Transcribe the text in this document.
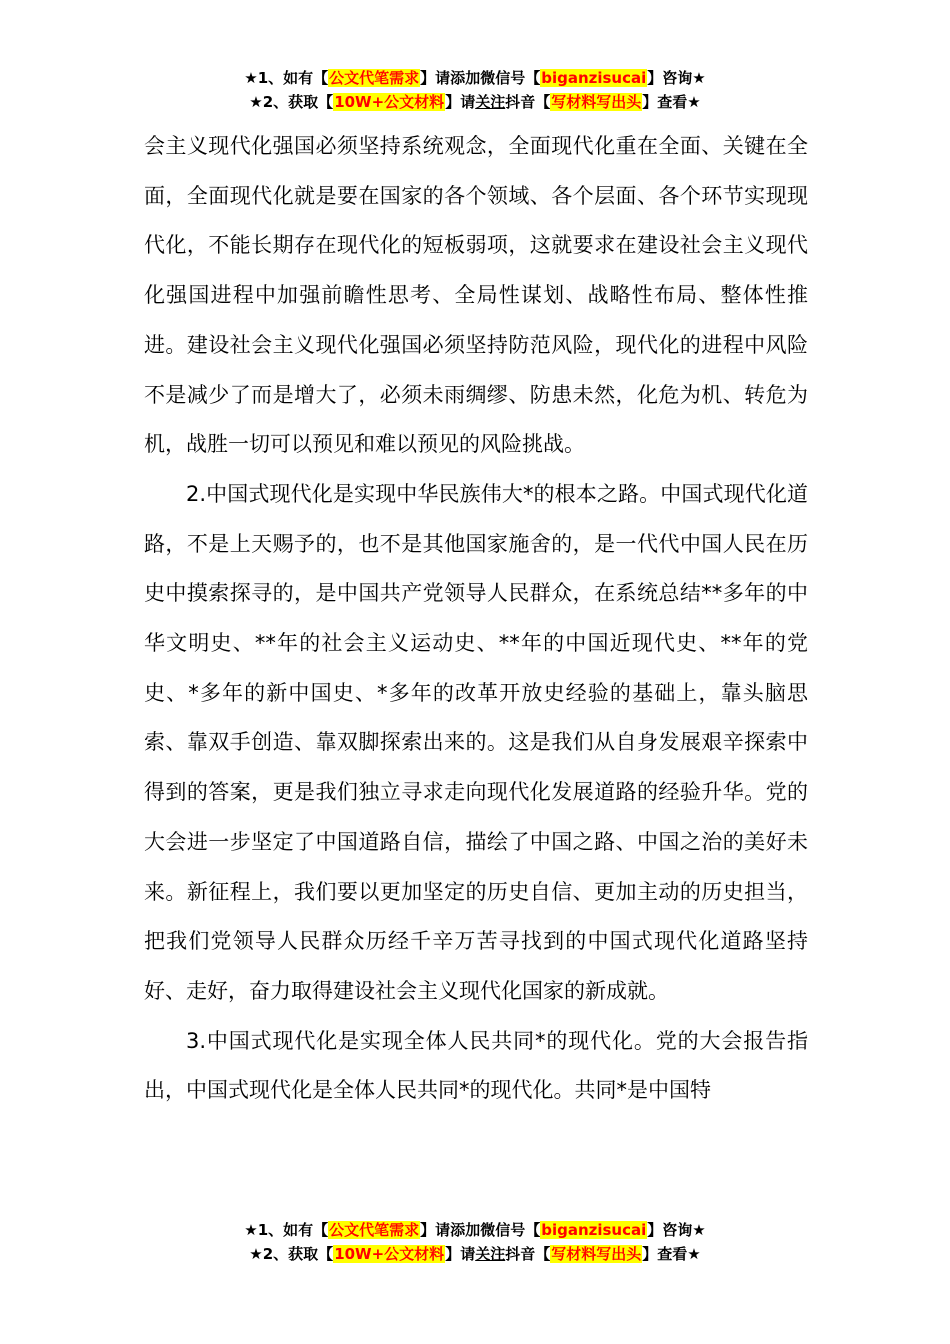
★1、如有【公文代笔需求】请添加微信号【biganzisucai】咨询★
★2、获取【10W+公文材料】请关注抖音【写材料写出头】查看★

会主义现代化强国必须坚持系统观念，全面现代化重在全面、关键在全面，全面现代化就是要在国家的各个领域、各个层面、各个环节实现现代化，不能长期存在现代化的短板弱项，这就要求在建设社会主义现代化强国进程中加强前瞻性思考、全局性谋划、战略性布局、整体性推进。建设社会主义现代化强国必须坚持防范风险，现代化的进程中风险不是减少了而是增大了，必须未雨绸缪、防患未然，化危为机、转危为机，战胜一切可以预见和难以预见的风险挑战。

2.中国式现代化是实现中华民族伟大*的根本之路。中国式现代化道路，不是上天赐予的，也不是其他国家施舍的，是一代代中国人民在历史中摸索探寻的，是中国共产党领导人民群众，在系统总结**多年的中华文明史、**年的社会主义运动史、**年的中国近现代史、**年的党史、*多年的新中国史、*多年的改革开放史经验的基础上，靠头脑思索、靠双手创造、靠双脚探索出来的。这是我们从自身发展艰辛探索中得到的答案，更是我们独立寻求走向现代化发展道路的经验升华。党的大会进一步坚定了中国道路自信，描绘了中国之路、中国之治的美好未来。新征程上，我们要以更加坚定的历史自信、更加主动的历史担当，把我们党领导人民群众历经千辛万苦寻找到的中国式现代化道路坚持好、走好，奋力取得建设社会主义现代化国家的新成就。

3.中国式现代化是实现全体人民共同*的现代化。党的大会报告指出，中国式现代化是全体人民共同*的现代化。共同*是中国特

★1、如有【公文代笔需求】请添加微信号【biganzisucai】咨询★
★2、获取【10W+公文材料】请关注抖音【写材料写出头】查看★
